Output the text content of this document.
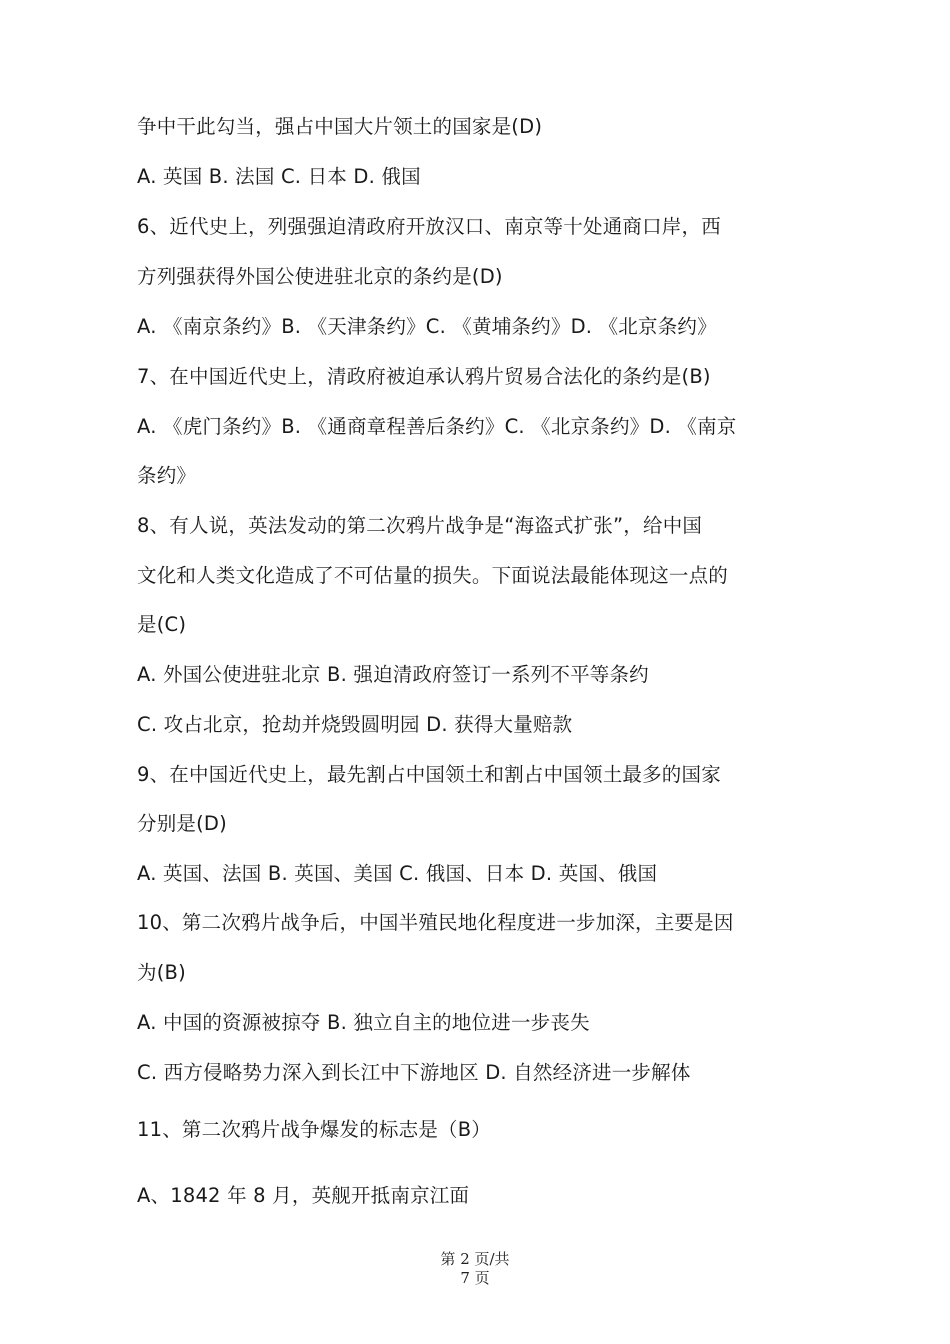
争中干此勾当，强占中国大片领土的国家是(D)
A. 英国 B. 法国 C. 日本 D. 俄国
6、近代史上，列强强迫清政府开放汉口、南京等十处通商口岸，西
方列强获得外国公使进驻北京的条约是(D)
A. 《南京条约》B. 《天津条约》C. 《黄埔条约》D. 《北京条约》
7、在中国近代史上，清政府被迫承认鸦片贸易合法化的条约是(B)
A. 《虎门条约》B. 《通商章程善后条约》C. 《北京条约》D. 《南京
条约》
8、有人说，英法发动的第二次鸦片战争是“海盗式扩张”，给中国
文化和人类文化造成了不可估量的损失。下面说法最能体现这一点的
是(C)
A. 外国公使进驻北京 B. 强迫清政府签订一系列不平等条约
C. 攻占北京，抢劫并烧毁圆明园 D. 获得大量赔款
9、在中国近代史上，最先割占中国领土和割占中国领土最多的国家
分别是(D)
A. 英国、法国 B. 英国、美国 C. 俄国、日本 D. 英国、俄国
10、第二次鸦片战争后，中国半殖民地化程度进一步加深，主要是因
为(B)
A. 中国的资源被掠夺 B. 独立自主的地位进一步丧失
C. 西方侵略势力深入到长江中下游地区 D. 自然经济进一步解体
11、第二次鸦片战争爆发的标志是（B）
A、1842 年 8 月，英舰开抵南京江面
第 2 页/共
7 页
